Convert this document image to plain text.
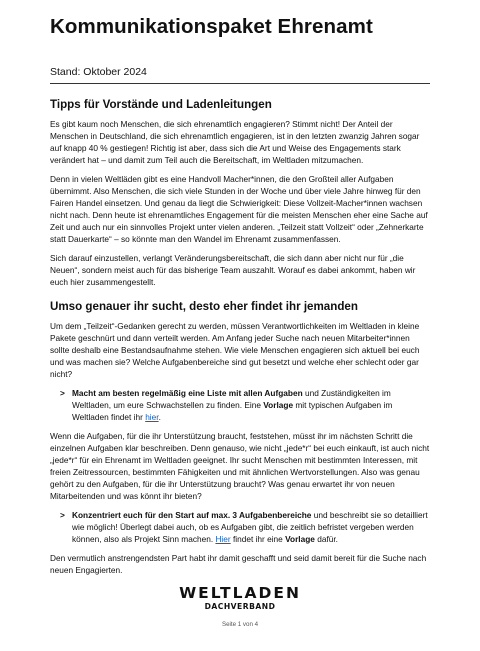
Kommunikationspaket Ehrenamt
Stand: Oktober 2024
Tipps für Vorstände und Ladenleitungen

Es gibt kaum noch Menschen, die sich ehrenamtlich engagieren? Stimmt nicht! Der Anteil der Menschen in Deutschland, die sich ehrenamtlich engagieren, ist in den letzten zwanzig Jahren sogar auf knapp 40 % gestiegen! Richtig ist aber, dass sich die Art und Weise des Engagements stark verändert hat – und damit zum Teil auch die Bereitschaft, im Weltladen mitzumachen.

Denn in vielen Weltläden gibt es eine Handvoll Macher*innen, die den Großteil aller Aufgaben übernimmt. Also Menschen, die sich viele Stunden in der Woche und über viele Jahre hinweg für den Fairen Handel einsetzen. Und genau da liegt die Schwierigkeit: Diese Vollzeit-Macher*innen wachsen nicht nach. Denn heute ist ehrenamtliches Engagement für die meisten Menschen eher eine Sache auf Zeit und auch nur ein sinnvolles Projekt unter vielen anderen. „Teilzeit statt Vollzeit“ oder „Zehnerkarte statt Dauerkarte“ – so könnte man den Wandel im Ehrenamt zusammenfassen.

Sich darauf einzustellen, verlangt Veränderungsbereitschaft, die sich dann aber nicht nur für „die Neuen“, sondern meist auch für das bisherige Team auszahlt. Worauf es dabei ankommt, haben wir euch hier zusammengestellt.

Umso genauer ihr sucht, desto eher findet ihr jemanden

Um dem „Teilzeit“-Gedanken gerecht zu werden, müssen Verantwortlichkeiten im Weltladen in kleine Pakete geschnürt und dann verteilt werden. Am Anfang jeder Suche nach neuen Mitarbeiter*innen sollte deshalb eine Bestandsaufnahme stehen. Wie viele Menschen engagieren sich aktuell bei euch und was machen sie? Welche Aufgabenbereiche sind gut besetzt und welche eher schlecht oder gar nicht?

> Macht am besten regelmäßig eine Liste mit allen Aufgaben und Zuständigkeiten im Weltladen, um eure Schwachstellen zu finden. Eine Vorlage mit typischen Aufgaben im Weltladen findet ihr hier.

Wenn die Aufgaben, für die ihr Unterstützung braucht, feststehen, müsst ihr im nächsten Schritt die einzelnen Aufgaben klar beschreiben. Denn genauso, wie nicht „jede*r“ bei euch einkauft, ist auch nicht „jede*r“ für ein Ehrenamt im Weltladen geeignet. Ihr sucht Menschen mit bestimmten Interessen, mit freien Zeitressourcen, bestimmten Fähigkeiten und mit ähnlichen Wertvorstellungen. Also was genau gehört zu den Aufgaben, für die ihr Unterstützung braucht? Was genau erwartet ihr von neuen Mitarbeitenden und was könnt ihr bieten?

> Konzentriert euch für den Start auf max. 3 Aufgabenbereiche und beschreibt sie so detailliert wie möglich! Überlegt dabei auch, ob es Aufgaben gibt, die zeitlich befristet vergeben werden können, also als Projekt Sinn machen. Hier findet ihr eine Vorlage dafür.

Den vermutlich anstrengendsten Part habt ihr damit geschafft und seid damit bereit für die Suche nach neuen Engagierten.

WELTLADEN
DACHVERBAND
Seite 1 von 4
